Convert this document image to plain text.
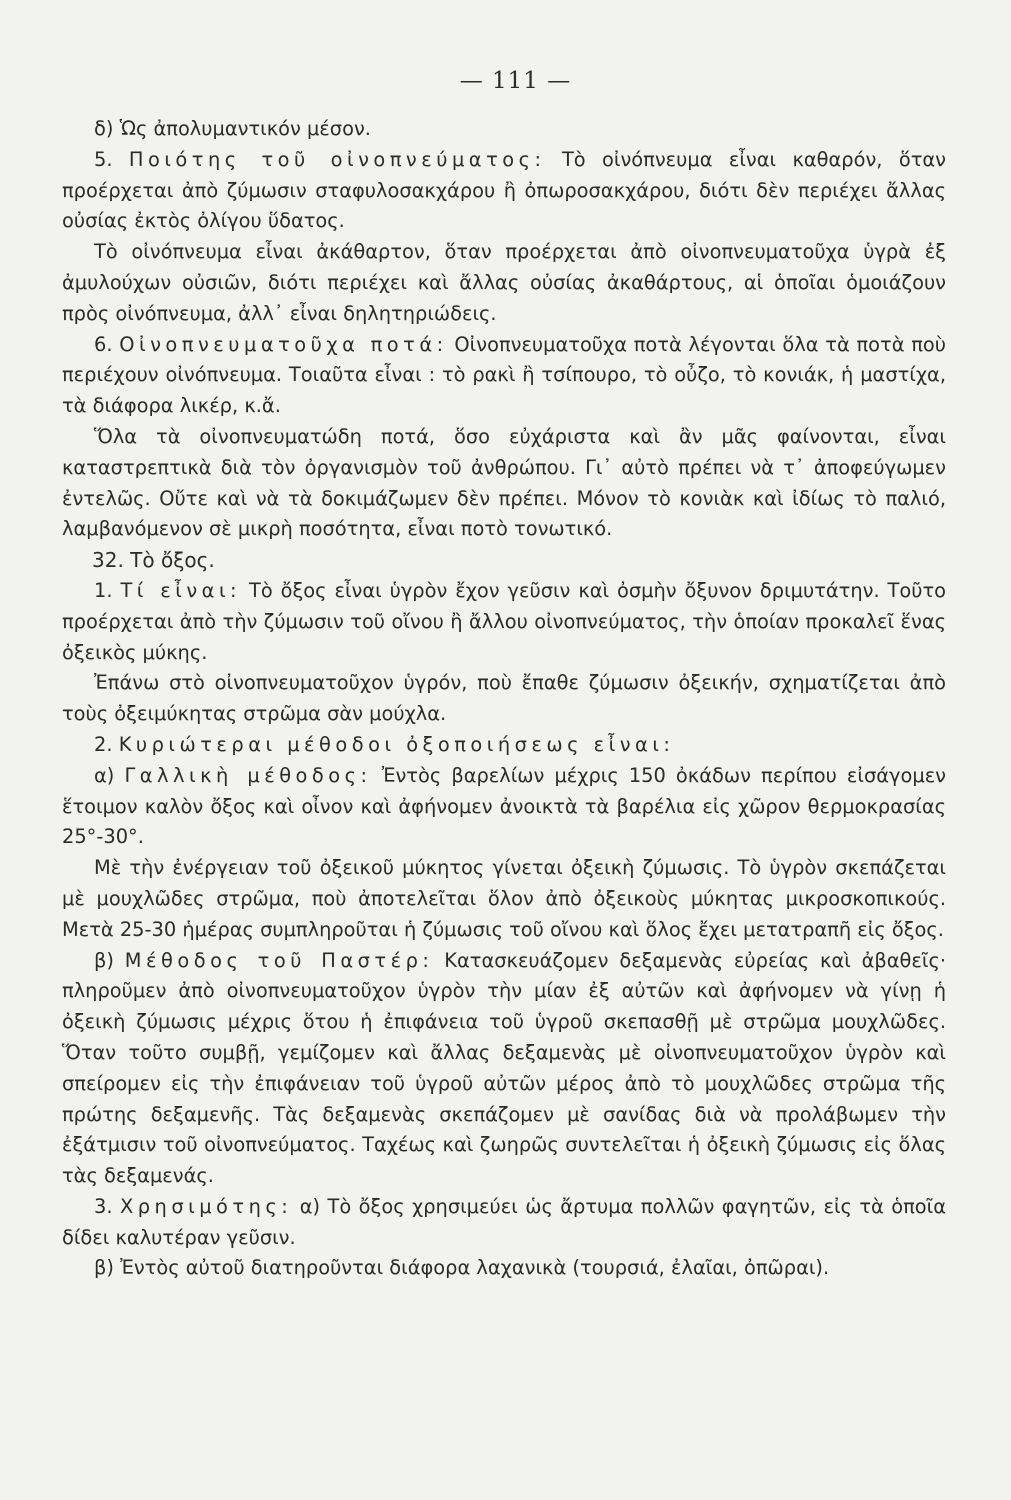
— 111 —

δ) Ὡς ἀπολυμαντικόν μέσον.

5. Ποιότης τοῦ οἰνοπνεύματος: Τὸ οἰνόπνευμα εἶναι καθαρόν, ὅταν προέρχεται ἀπὸ ζύμωσιν σταφυλοσακχάρου ἢ ὀπωροσακχάρου, διότι δὲν περιέχει ἄλλας οὐσίας ἐκτὸς ὀλίγου ὕδατος.

Τὸ οἰνόπνευμα εἶναι ἀκάθαρτον, ὅταν προέρχεται ἀπὸ οἰνοπνευματοῦχα ὑγρὰ ἐξ ἀμυλούχων οὐσιῶν, διότι περιέχει καὶ ἄλλας οὐσίας ἀκαθάρτους, αἱ ὁποῖαι ὁμοιάζουν πρὸς οἰνόπνευμα, ἀλλ᾿ εἶναι δηλητηριώδεις.

6. Οἰνοπνευματοῦχα ποτά: Οἰνοπνευματοῦχα ποτὰ λέγονται ὅλα τὰ ποτὰ ποὺ περιέχουν οἰνόπνευμα. Τοιαῦτα εἶναι : τὸ ρακὶ ἢ τσίπουρο, τὸ οὖζο, τὸ κονιάκ, ἡ μαστίχα, τὰ διάφορα λικέρ, κ.ἄ.

Ὅλα τὰ οἰνοπνευματώδη ποτά, ὅσο εὐχάριστα καὶ ἂν μᾶς φαίνονται, εἶναι καταστρεπτικὰ διὰ τὸν ὀργανισμὸν τοῦ ἀνθρώπου. Γι᾿ αὐτὸ πρέπει νὰ τ᾿ ἀποφεύγωμεν ἐντελῶς. Οὔτε καὶ νὰ τὰ δοκιμάζωμεν δὲν πρέπει. Μόνον τὸ κονιὰκ καὶ ἰδίως τὸ παλιό, λαμβανόμενον σὲ μικρὴ ποσότητα, εἶναι ποτὸ τονωτικό.

32. Τὸ ὄξος.

1. Τί εἶναι: Τὸ ὄξος εἶναι ὑγρὸν ἔχον γεῦσιν καὶ ὀσμὴν ὄξυνον δριμυτάτην. Τοῦτο προέρχεται ἀπὸ τὴν ζύμωσιν τοῦ οἴνου ἢ ἄλλου οἰνοπνεύματος, τὴν ὁποίαν προκαλεῖ ἕνας ὀξεικὸς μύκης.

Ἐπάνω στὸ οἰνοπνευματοῦχον ὑγρόν, ποὺ ἔπαθε ζύμωσιν ὀξεικήν, σχηματίζεται ἀπὸ τοὺς ὀξειμύκητας στρῶμα σὰν μούχλα.

2. Κυριώτεραι μέθοδοι ὀξοποιήσεως εἶναι:

α) Γαλλικὴ μέθοδος: Ἐντὸς βαρελίων μέχρις 150 ὀκάδων περίπου εἰσάγομεν ἕτοιμον καλὸν ὄξος καὶ οἶνον καὶ ἀφήνομεν ἀνοικτὰ τὰ βαρέλια εἰς χῶρον θερμοκρασίας 25°-30°.

Μὲ τὴν ἐνέργειαν τοῦ ὀξεικοῦ μύκητος γίνεται ὀξεικὴ ζύμωσις. Τὸ ὑγρὸν σκεπάζεται μὲ μουχλῶδες στρῶμα, ποὺ ἀποτελεῖται ὅλον ἀπὸ ὀξεικοὺς μύκητας μικροσκοπικούς. Μετὰ 25-30 ἡμέρας συμπληροῦται ἡ ζύμωσις τοῦ οἴνου καὶ ὅλος ἔχει μετατραπῆ εἰς ὄξος.

β) Μέθοδος τοῦ Παστέρ: Κατασκευάζομεν δεξαμενὰς εὐρείας καὶ ἀβαθεῖς· πληροῦμεν ἀπὸ οἰνοπνευματοῦχον ὑγρὸν τὴν μίαν ἐξ αὐτῶν καὶ ἀφήνομεν νὰ γίνῃ ἡ ὀξεικὴ ζύμωσις μέχρις ὅτου ἡ ἐπιφάνεια τοῦ ὑγροῦ σκεπασθῇ μὲ στρῶμα μουχλῶδες. Ὅταν τοῦτο συμβῇ, γεμίζομεν καὶ ἄλλας δεξαμενὰς μὲ οἰνοπνευματοῦχον ὑγρὸν καὶ σπείρομεν εἰς τὴν ἐπιφάνειαν τοῦ ὑγροῦ αὐτῶν μέρος ἀπὸ τὸ μουχλῶδες στρῶμα τῆς πρώτης δεξαμενῆς. Τὰς δεξαμενὰς σκεπάζομεν μὲ σανίδας διὰ νὰ προλάβωμεν τὴν ἐξάτμισιν τοῦ οἰνοπνεύματος. Ταχέως καὶ ζωηρῶς συντελεῖται ἡ ὀξεικὴ ζύμωσις εἰς ὅλας τὰς δεξαμενάς.

3. Χρησιμότης: α) Τὸ ὄξος χρησιμεύει ὡς ἄρτυμα πολλῶν φαγητῶν, εἰς τὰ ὁποῖα δίδει καλυτέραν γεῦσιν.

β) Ἐντὸς αὐτοῦ διατηροῦνται διάφορα λαχανικὰ (τουρσιά, ἐλαῖαι, ὀπῶραι).
